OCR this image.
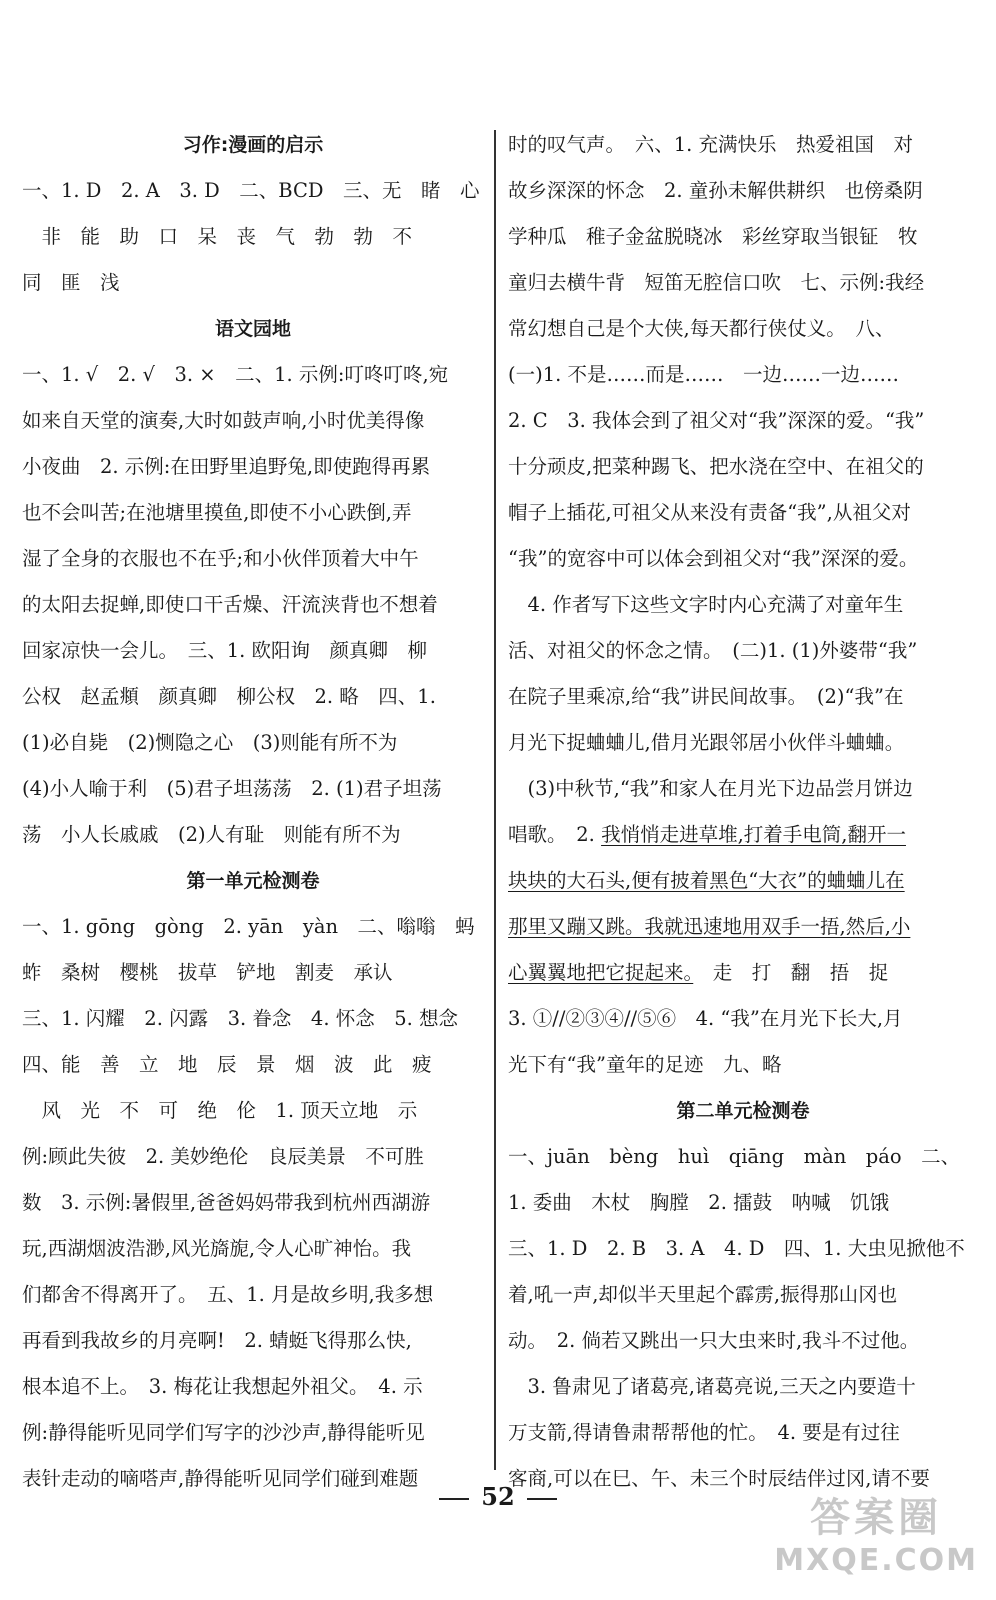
习作:漫画的启示
一、1. D　2. A　3. D　二、BCD　三、无　睹　心
　非　能　助　口　呆　丧　气　勃　勃　不
同　匪　浅
语文园地
一、1. √　2. √　3. ×　二、1. 示例:叮咚叮咚,宛
如来自天堂的演奏,大时如鼓声响,小时优美得像
小夜曲　2. 示例:在田野里追野兔,即使跑得再累
也不会叫苦;在池塘里摸鱼,即使不小心跌倒,弄
湿了全身的衣服也不在乎;和小伙伴顶着大中午
的太阳去捉蝉,即使口干舌燥、汗流浃背也不想着
回家凉快一会儿。　三、1. 欧阳询　颜真卿　柳
公权　赵孟頫　颜真卿　柳公权　2. 略　四、1.
(1)必自毙　(2)恻隐之心　(3)则能有所不为
(4)小人喻于利　(5)君子坦荡荡　2. (1)君子坦荡
荡　小人长戚戚　(2)人有耻　则能有所不为
第一单元检测卷
一、1. gōng　gòng　2. yān　yàn　二、嗡嗡　蚂
蚱　桑树　樱桃　拔草　铲地　割麦　承认
三、1. 闪耀　2. 闪露　3. 眷念　4. 怀念　5. 想念
四、能　善　立　地　辰　景　烟　波　此　疲
　风　光　不　可　绝　伦　1. 顶天立地　示
例:顾此失彼　2. 美妙绝伦　良辰美景　不可胜
数　3. 示例:暑假里,爸爸妈妈带我到杭州西湖游
玩,西湖烟波浩渺,风光旖旎,令人心旷神怡。我
们都舍不得离开了。　五、1. 月是故乡明,我多想
再看到我故乡的月亮啊!　2. 蜻蜓飞得那么快,
根本追不上。　3. 梅花让我想起外祖父。　4. 示
例:静得能听见同学们写字的沙沙声,静得能听见
表针走动的嘀嗒声,静得能听见同学们碰到难题
时的叹气声。　六、1. 充满快乐　热爱祖国　对
故乡深深的怀念　2. 童孙未解供耕织　也傍桑阴
学种瓜　稚子金盆脱晓冰　彩丝穿取当银钲　牧
童归去横牛背　短笛无腔信口吹　七、示例:我经
常幻想自己是个大侠,每天都行侠仗义。　八、
(一)1. 不是……而是……　一边……一边……
2. C　3. 我体会到了祖父对“我”深深的爱。“我”
十分顽皮,把菜种踢飞、把水浇在空中、在祖父的
帽子上插花,可祖父从来没有责备“我”,从祖父对
“我”的宽容中可以体会到祖父对“我”深深的爱。
　4. 作者写下这些文字时内心充满了对童年生
活、对祖父的怀念之情。　(二)1. (1)外婆带“我”
在院子里乘凉,给“我”讲民间故事。　(2)“我”在
月光下捉蛐蛐儿,借月光跟邻居小伙伴斗蛐蛐。
　(3)中秋节,“我”和家人在月光下边品尝月饼边
唱歌。　2. 我悄悄走进草堆,打着手电筒,翻开一
块块的大石头,便有披着黑色“大衣”的蛐蛐儿在
那里又蹦又跳。我就迅速地用双手一捂,然后,小
心翼翼地把它捉起来。　走　打　翻　捂　捉
3. ①//②③④//⑤⑥　4. “我”在月光下长大,月
光下有“我”童年的足迹　九、略
第二单元检测卷
一、juān　bèng　huì　qiāng　màn　páo　二、
1. 委曲　木杖　胸膛　2. 擂鼓　呐喊　饥饿
三、1. D　2. B　3. A　4. D　四、1. 大虫见掀他不
着,吼一声,却似半天里起个霹雳,振得那山冈也
动。　2. 倘若又跳出一只大虫来时,我斗不过他。
　3. 鲁肃见了诸葛亮,诸葛亮说,三天之内要造十
万支箭,得请鲁肃帮帮他的忙。　4. 要是有过往
客商,可以在巳、午、未三个时辰结伴过冈,请不要
52	答案圈
MXQE.COM
